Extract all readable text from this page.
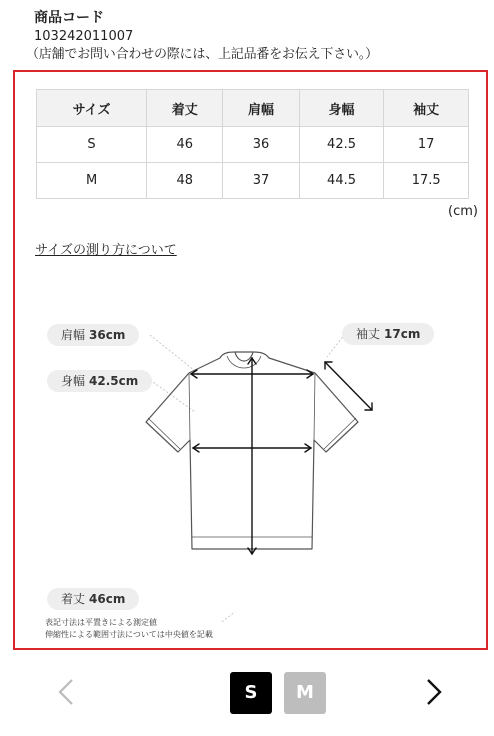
商品コード
103242011007
（店舗でお問い合わせの際には、上記品番をお伝え下さい。）
サイズ	着丈	肩幅	身幅	袖丈
S	46	36	42.5	17
M	48	37	44.5	17.5
(cm)
サイズの測り方について
肩幅 36cm
身幅 42.5cm
袖丈 17cm
着丈 46cm
表記寸法は平置きによる測定値
伸縮性による範囲寸法については中央値を記載
S	M
